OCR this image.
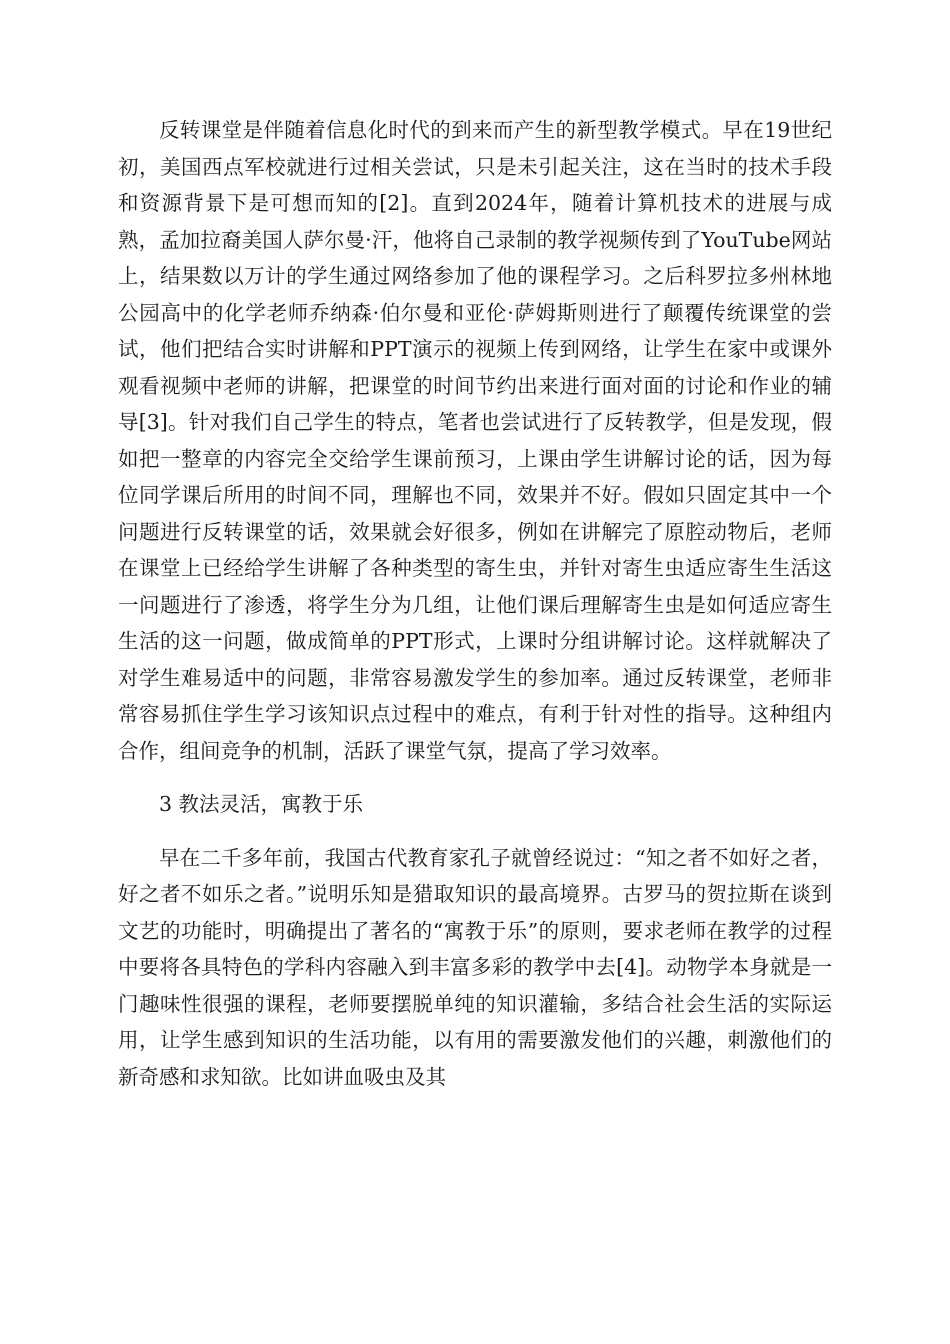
反转课堂是伴随着信息化时代的到来而产生的新型教学模式。早在19世纪初，美国西点军校就进行过相关尝试，只是未引起关注，这在当时的技术手段和资源背景下是可想而知的[2]。直到2024年，随着计算机技术的进展与成熟，孟加拉裔美国人萨尔曼·汗，他将自己录制的教学视频传到了YouTube网站上，结果数以万计的学生通过网络参加了他的课程学习。之后科罗拉多州林地公园高中的化学老师乔纳森·伯尔曼和亚伦·萨姆斯则进行了颠覆传统课堂的尝试，他们把结合实时讲解和PPT演示的视频上传到网络，让学生在家中或课外观看视频中老师的讲解，把课堂的时间节约出来进行面对面的讨论和作业的辅导[3]。针对我们自己学生的特点，笔者也尝试进行了反转教学，但是发现，假如把一整章的内容完全交给学生课前预习，上课由学生讲解讨论的话，因为每位同学课后所用的时间不同，理解也不同，效果并不好。假如只固定其中一个问题进行反转课堂的话，效果就会好很多，例如在讲解完了原腔动物后，老师在课堂上已经给学生讲解了各种类型的寄生虫，并针对寄生虫适应寄生生活这一问题进行了渗透，将学生分为几组，让他们课后理解寄生虫是如何适应寄生生活的这一问题，做成简单的PPT形式，上课时分组讲解讨论。这样就解决了对学生难易适中的问题，非常容易激发学生的参加率。通过反转课堂，老师非常容易抓住学生学习该知识点过程中的难点，有利于针对性的指导。这种组内合作，组间竞争的机制，活跃了课堂气氛，提高了学习效率。

3 教法灵活，寓教于乐

早在二千多年前，我国古代教育家孔子就曾经说过：“知之者不如好之者，好之者不如乐之者。”说明乐知是猎取知识的最高境界。古罗马的贺拉斯在谈到文艺的功能时，明确提出了著名的“寓教于乐”的原则，要求老师在教学的过程中要将各具特色的学科内容融入到丰富多彩的教学中去[4]。动物学本身就是一门趣味性很强的课程，老师要摆脱单纯的知识灌输，多结合社会生活的实际运用，让学生感到知识的生活功能，以有用的需要激发他们的兴趣，刺激他们的新奇感和求知欲。比如讲血吸虫及其
